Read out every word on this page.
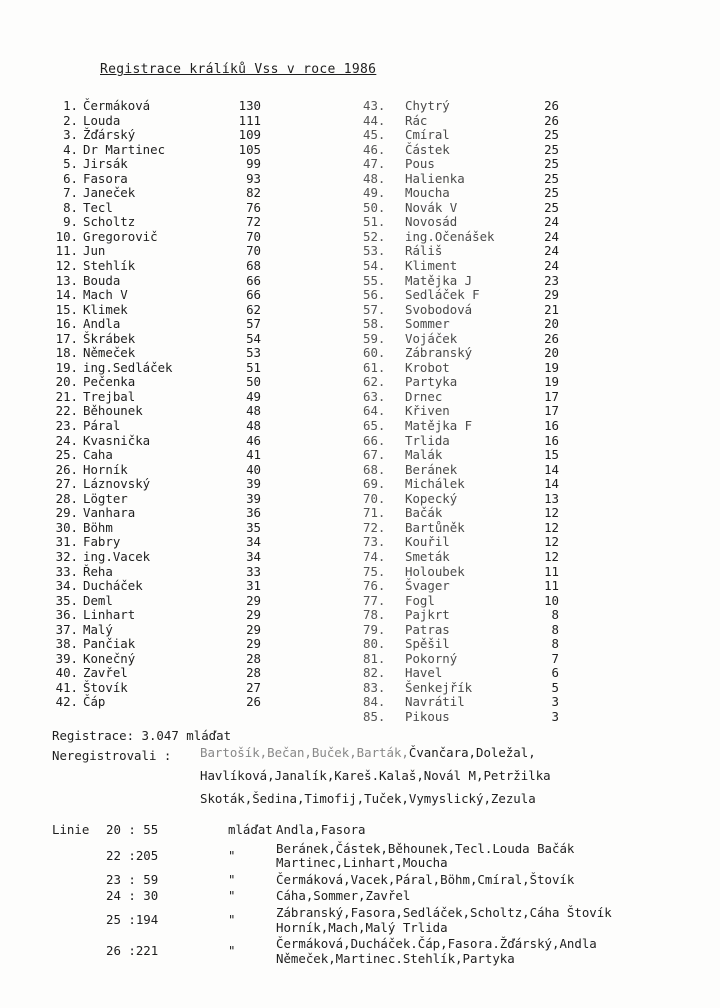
Registrace králíků Vss v roce 1986
1. Čermáková	130
2. Louda	111
3. Žďárský	109
4. Dr Martinec	105
5. Jirsák	99
6. Fasora	93
7. Janeček	82
8. Tecl	76
9. Scholtz	72
10. Gregorovič	70
11. Jun	70
12. Stehlík	68
13. Bouda	66
14. Mach V	66
15. Klimek	62
16. Andla	57
17. Škrábek	54
18. Němeček	53
19. ing.Sedláček	51
20. Pečenka	50
21. Trejbal	49
22. Běhounek	48
23. Páral	48
24. Kvasnička	46
25. Caha	41
26. Horník	40
27. Láznovský	39
28. Lögter	39
29. Vanhara	36
30. Böhm	35
31. Fabry	34
32. ing.Vacek	34
33. Řeha	33
34. Ducháček	31
35. Deml	29
36. Linhart	29
37. Malý	29
38. Pančiak	29
39. Konečný	28
40. Zavřel	28
41. Štovík	27
42. Čáp	26
43.	Chytrý	26
44.	Rác	26
45.	Cmíral	25
46.	Částek	25
47.	Pous	25
48.	Halienka	25
49.	Moucha	25
50.	Novák V	25
51.	Novosád	24
52.	ing.Očenášek	24
53.	Ráliš	24
54.	Kliment	24
55.	Matějka J	23
56.	Sedláček F	29
57.	Svobodová	21
58.	Sommer	20
59.	Vojáček	26
60.	Zábranský	20
61.	Krobot	19
62.	Partyka	19
63.	Drnec	17
64.	Křiven	17
65.	Matějka F	16
66.	Trlida	16
67.	Malák	15
68.	Beránek	14
69.	Michálek	14
70.	Kopecký	13
71.	Bačák	12
72.	Bartůněk	12
73.	Kouřil	12
74.	Smeták	12
75.	Holoubek	11
76.	Švager	11
77.	Fogl	10
78.	Pajkrt	8
79.	Patras	8
80.	Spěšil	8
81.	Pokorný	7
82.	Havel	6
83.	Šenkejřík	5
84.	Navrátil	3
85.	Pikous	3
Registrace: 3.047 mláďat
Neregistrovali : Bartošík,Bečan,Buček,Barták,Čvančara,Doležal,
Havlíková,Janalík,Kareš.Kalaš,Novál M,Petržilka
Skoták,Šedina,Timofij,Tuček,Vymyslický,Zezula
Linie 20 : 55	mláďat Andla,Fasora
22 :205	"	Beránek,Částek,Běhounek,Tecl.Louda Bačák
Martinec,Linhart,Moucha
23 : 59	"	Čermáková,Vacek,Páral,Böhm,Cmíral,Štovík
24 : 30	"	Cáha,Sommer,Zavřel
25 :194	"	Zábranský,Fasora,Sedláček,Scholtz,Cáha Štovík
Horník,Mach,Malý Trlida
26 :221	"	Čermáková,Ducháček.Čáp,Fasora.Žďárský,Andla
Němeček,Martinec.Stehlík,Partyka
